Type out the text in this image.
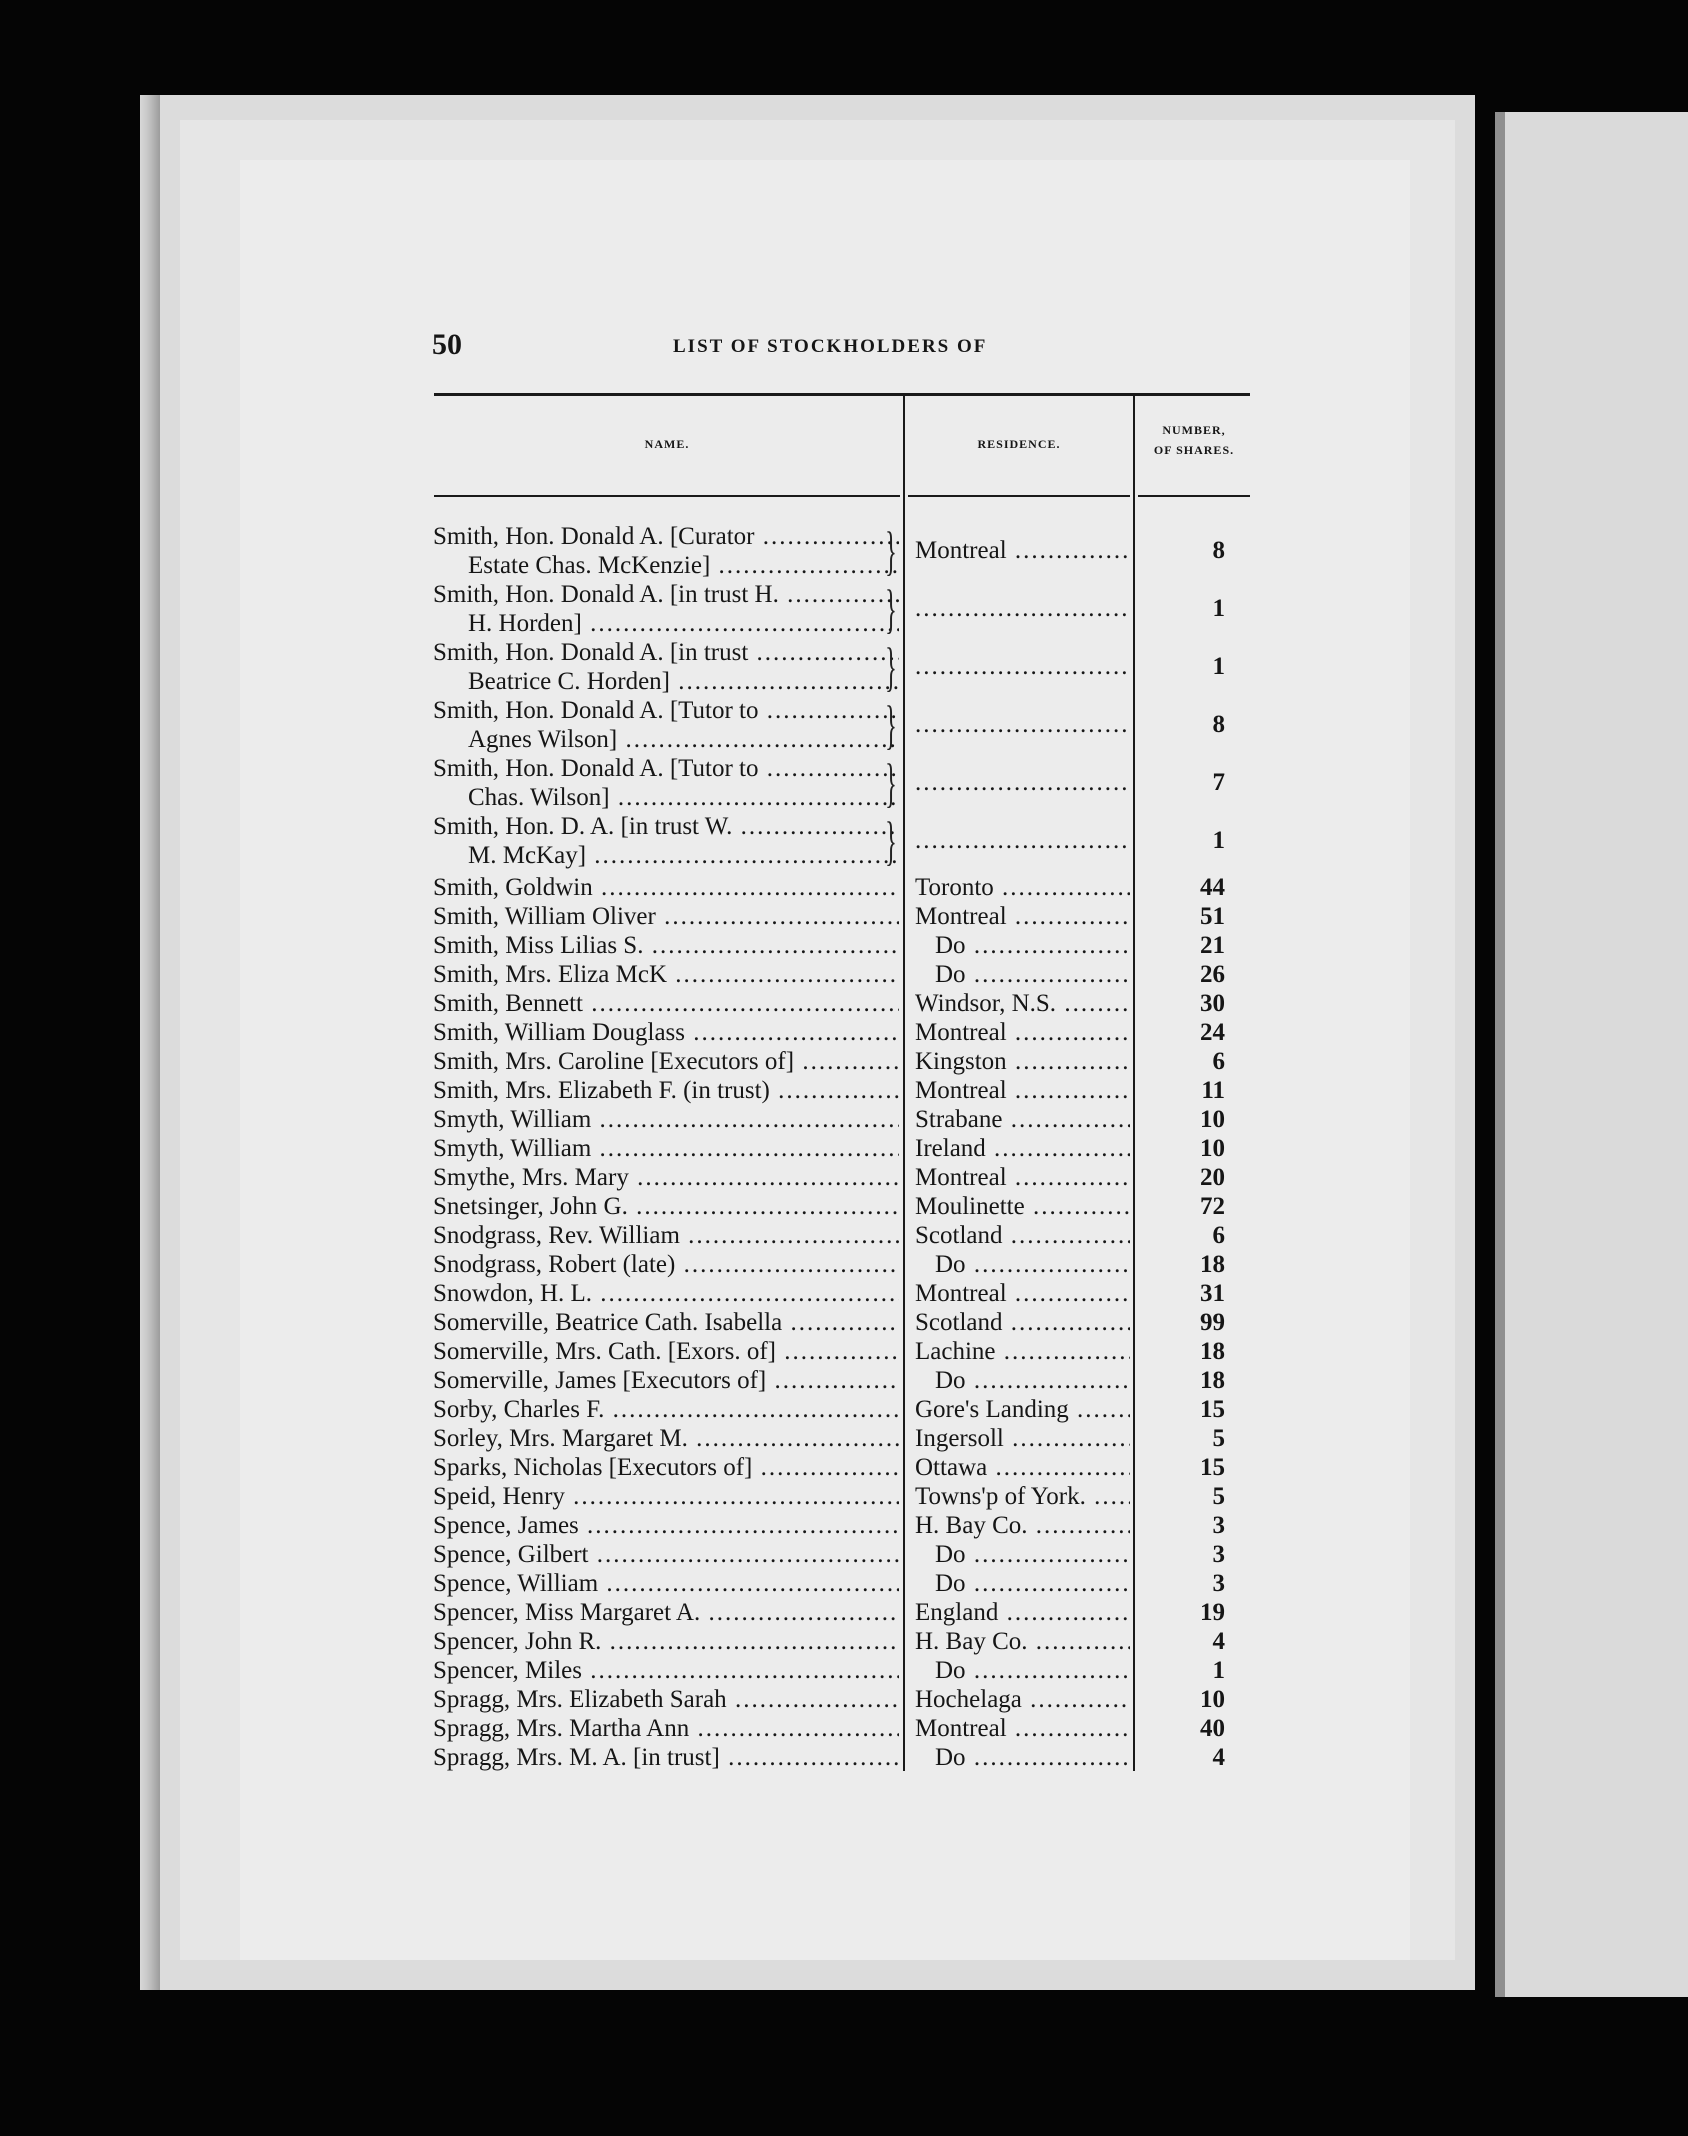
50	LIST OF STOCKHOLDERS OF
NAME.	RESIDENCE.
NUMBER,
OF SHARES.
Smith, Hon. Donald A. [Curator .....
Estate Chas. McKenzie] .....	} Montreal .....	8
Smith, Hon. Donald A. [in trust H. .....
H. Horden] .....	} .....	1
Smith, Hon. Donald A. [in trust .....
Beatrice C. Horden] .....	} .....	1
Smith, Hon. Donald A. [Tutor to .....
Agnes Wilson] .....	} .....	8
Smith, Hon. Donald A. [Tutor to .....
Chas. Wilson] .....	} .....	7
Smith, Hon. D. A. [in trust W. .....
M. McKay] .....	} .....	1
Smith, Goldwin .....	Toronto .....	44
Smith, William Oliver .....	Montreal .....	51
Smith, Miss Lilias S. .....	Do .....	21
Smith, Mrs. Eliza McK .....	Do .....	26
Smith, Bennett .....	Windsor, N.S. .....	30
Smith, William Douglass .....	Montreal .....	24
Smith, Mrs. Caroline [Executors of] .....	Kingston .....	6
Smith, Mrs. Elizabeth F. (in trust) .....	Montreal .....	11
Smyth, William .....	Strabane .....	10
Smyth, William .....	Ireland .....	10
Smythe, Mrs. Mary .....	Montreal .....	20
Snetsinger, John G. .....	Moulinette .....	72
Snodgrass, Rev. William .....	Scotland .....	6
Snodgrass, Robert (late) .....	Do .....	18
Snowdon, H. L. .....	Montreal .....	31
Somerville, Beatrice Cath. Isabella .....	Scotland .....	99
Somerville, Mrs. Cath. [Exors. of] .....	Lachine .....	18
Somerville, James [Executors of] .....	Do .....	18
Sorby, Charles F. .....	Gore's Landing .....	15
Sorley, Mrs. Margaret M. .....	Ingersoll .....	5
Sparks, Nicholas [Executors of] .....	Ottawa .....	15
Speid, Henry .....	Towns'p of York. .....	5
Spence, James .....	H. Bay Co. .....	3
Spence, Gilbert .....	Do .....	3
Spence, William .....	Do .....	3
Spencer, Miss Margaret A. .....	England .....	19
Spencer, John R. .....	H. Bay Co. .....	4
Spencer, Miles .....	Do .....	1
Spragg, Mrs. Elizabeth Sarah .....	Hochelaga .....	10
Spragg, Mrs. Martha Ann .....	Montreal .....	40
Spragg, Mrs. M. A. [in trust] .....	Do .....	4
